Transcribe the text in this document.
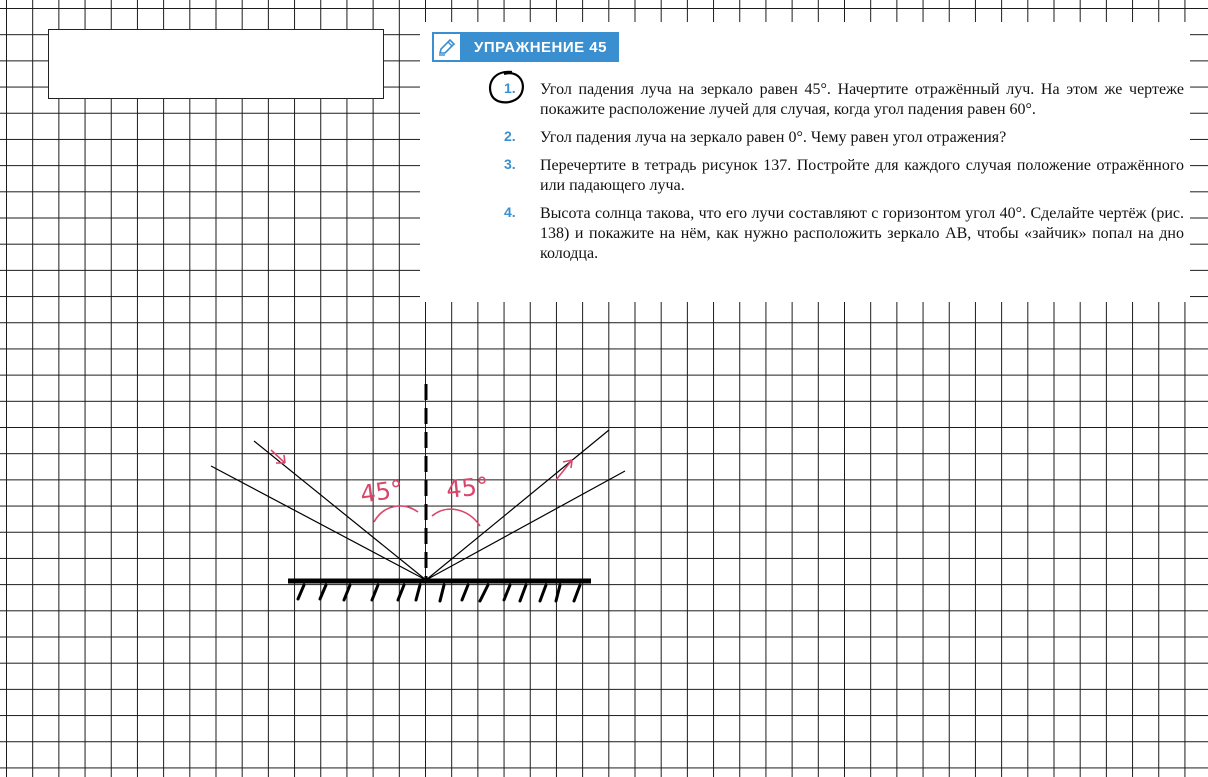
УПРАЖНЕНИЕ 45
1. Угол падения луча на зеркало равен 45°. Начертите отражённый луч. На этом же чертеже покажите расположение лучей для случая, когда угол падения равен 60°.
2. Угол падения луча на зеркало равен 0°. Чему равен угол отражения?
3. Перечертите в тетрадь рисунок 137. Постройте для каждого случая положение отражённого или падающего луча.
4. Высота солнца такова, что его лучи составляют с горизонтом угол 40°. Сделайте чертёж (рис. 138) и покажите на нём, как нужно расположить зеркало AB, чтобы «зайчик» попал на дно колодца.
45° 45°
